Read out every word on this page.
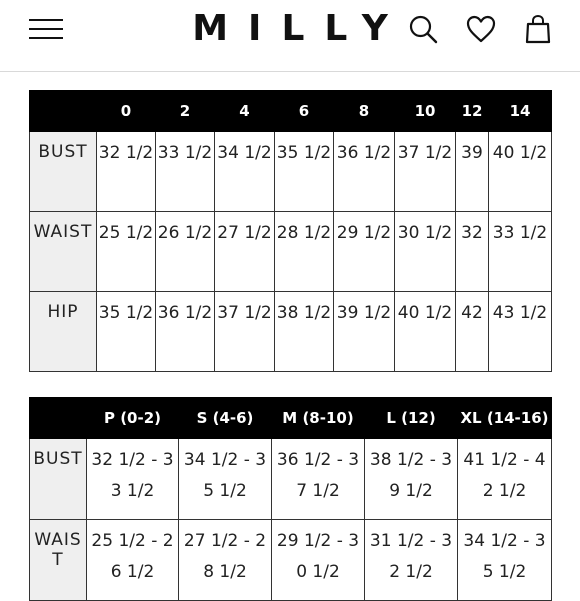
MILLY
	0	2	4	6	8	10	12	14
BUST	32 1/2	33 1/2	34 1/2	35 1/2	36 1/2	37 1/2	39	40 1/2
WAIST	25 1/2	26 1/2	27 1/2	28 1/2	29 1/2	30 1/2	32	33 1/2
HIP	35 1/2	36 1/2	37 1/2	38 1/2	39 1/2	40 1/2	42	43 1/2
	P (0-2)	S (4-6)	M (8-10)	L (12)	XL (14-16)
BUST	32 1/2 - 33 1/2	34 1/2 - 35 1/2	36 1/2 - 37 1/2	38 1/2 - 39 1/2	41 1/2 - 42 1/2
WAIST	25 1/2 - 26 1/2	27 1/2 - 28 1/2	29 1/2 - 30 1/2	31 1/2 - 32 1/2	34 1/2 - 35 1/2
